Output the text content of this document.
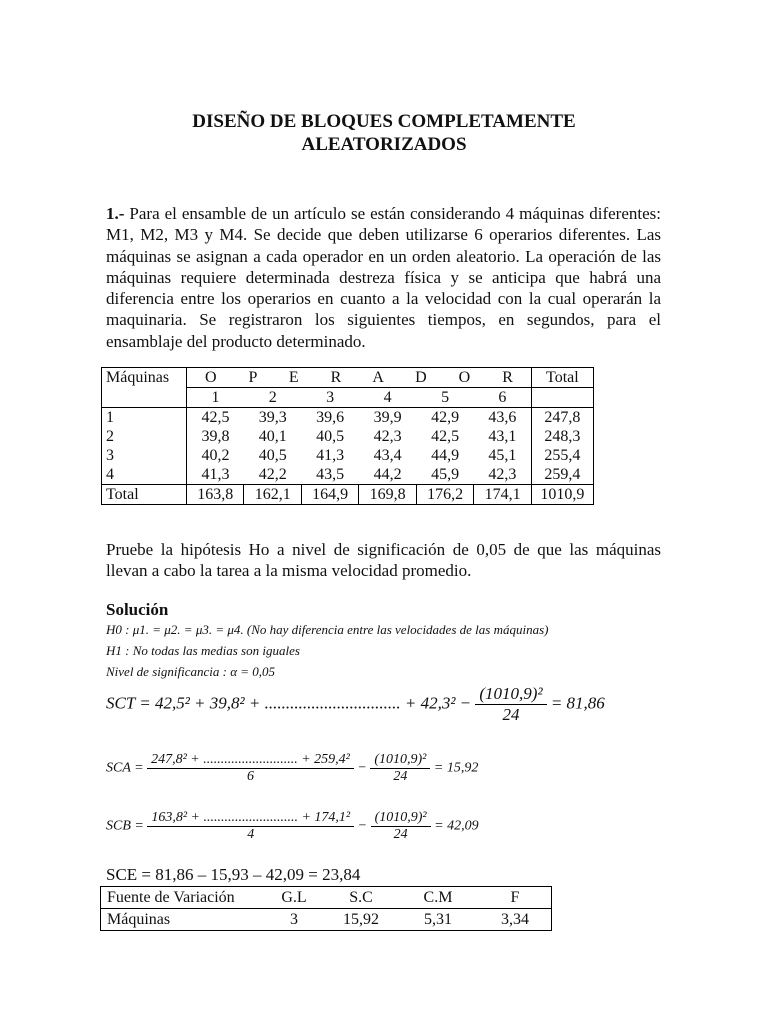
DISEÑO DE BLOQUES COMPLETAMENTE
ALEATORIZADOS
1.- Para el ensamble de un artículo se están considerando 4 máquinas diferentes: M1, M2, M3 y M4. Se decide que deben utilizarse 6 operarios diferentes. Las máquinas se asignan a cada operador en un orden aleatorio. La operación de las máquinas requiere determinada destreza física y se anticipa que habrá una diferencia entre los operarios en cuanto a la velocidad con la cual operarán la maquinaria. Se registraron los siguientes tiempos, en segundos, para el ensamblaje del producto determinado.
Máquinas	O P E R A D O R						Total
	1	2	3	4	5	6	
1	42,5	39,3	39,6	39,9	42,9	43,6	247,8
2	39,8	40,1	40,5	42,3	42,5	43,1	248,3
3	40,2	40,5	41,3	43,4	44,9	45,1	255,4
4	41,3	42,2	43,5	44,2	45,9	42,3	259,4
Total	163,8	162,1	164,9	169,8	176,2	174,1	1010,9
Pruebe la hipótesis Ho a nivel de significación de 0,05 de que las máquinas llevan a cabo la tarea a la misma velocidad promedio.
Solución
H0 : μ1. = μ2. = μ3. = μ4. (No hay diferencia entre las velocidades de las máquinas)
H1 : No todas las medias son iguales
Nivel de significancia : α = 0,05
SCT = 42,5² + 39,8² + ................................ + $42,3^2 - \frac{\text{(1010,9)²}}{24} = 81,86$
SCA = $\frac{\text{247,8² + ........................... + 259,4²}}{6} - \frac{\text{(1010,9)²}}{24} = 15,92$
SCB = $\frac{\text{163,8² + ........................... + 174,1²}}{4} - \frac{\text{(1010,9)²}}{24} = 42,09$
SCE = 81,86 – 15,93 – 42,09 = 23,84
Fuente de Variación	G.L	S.C	C.M	F
Máquinas	3	15,92	5,31	3,34
